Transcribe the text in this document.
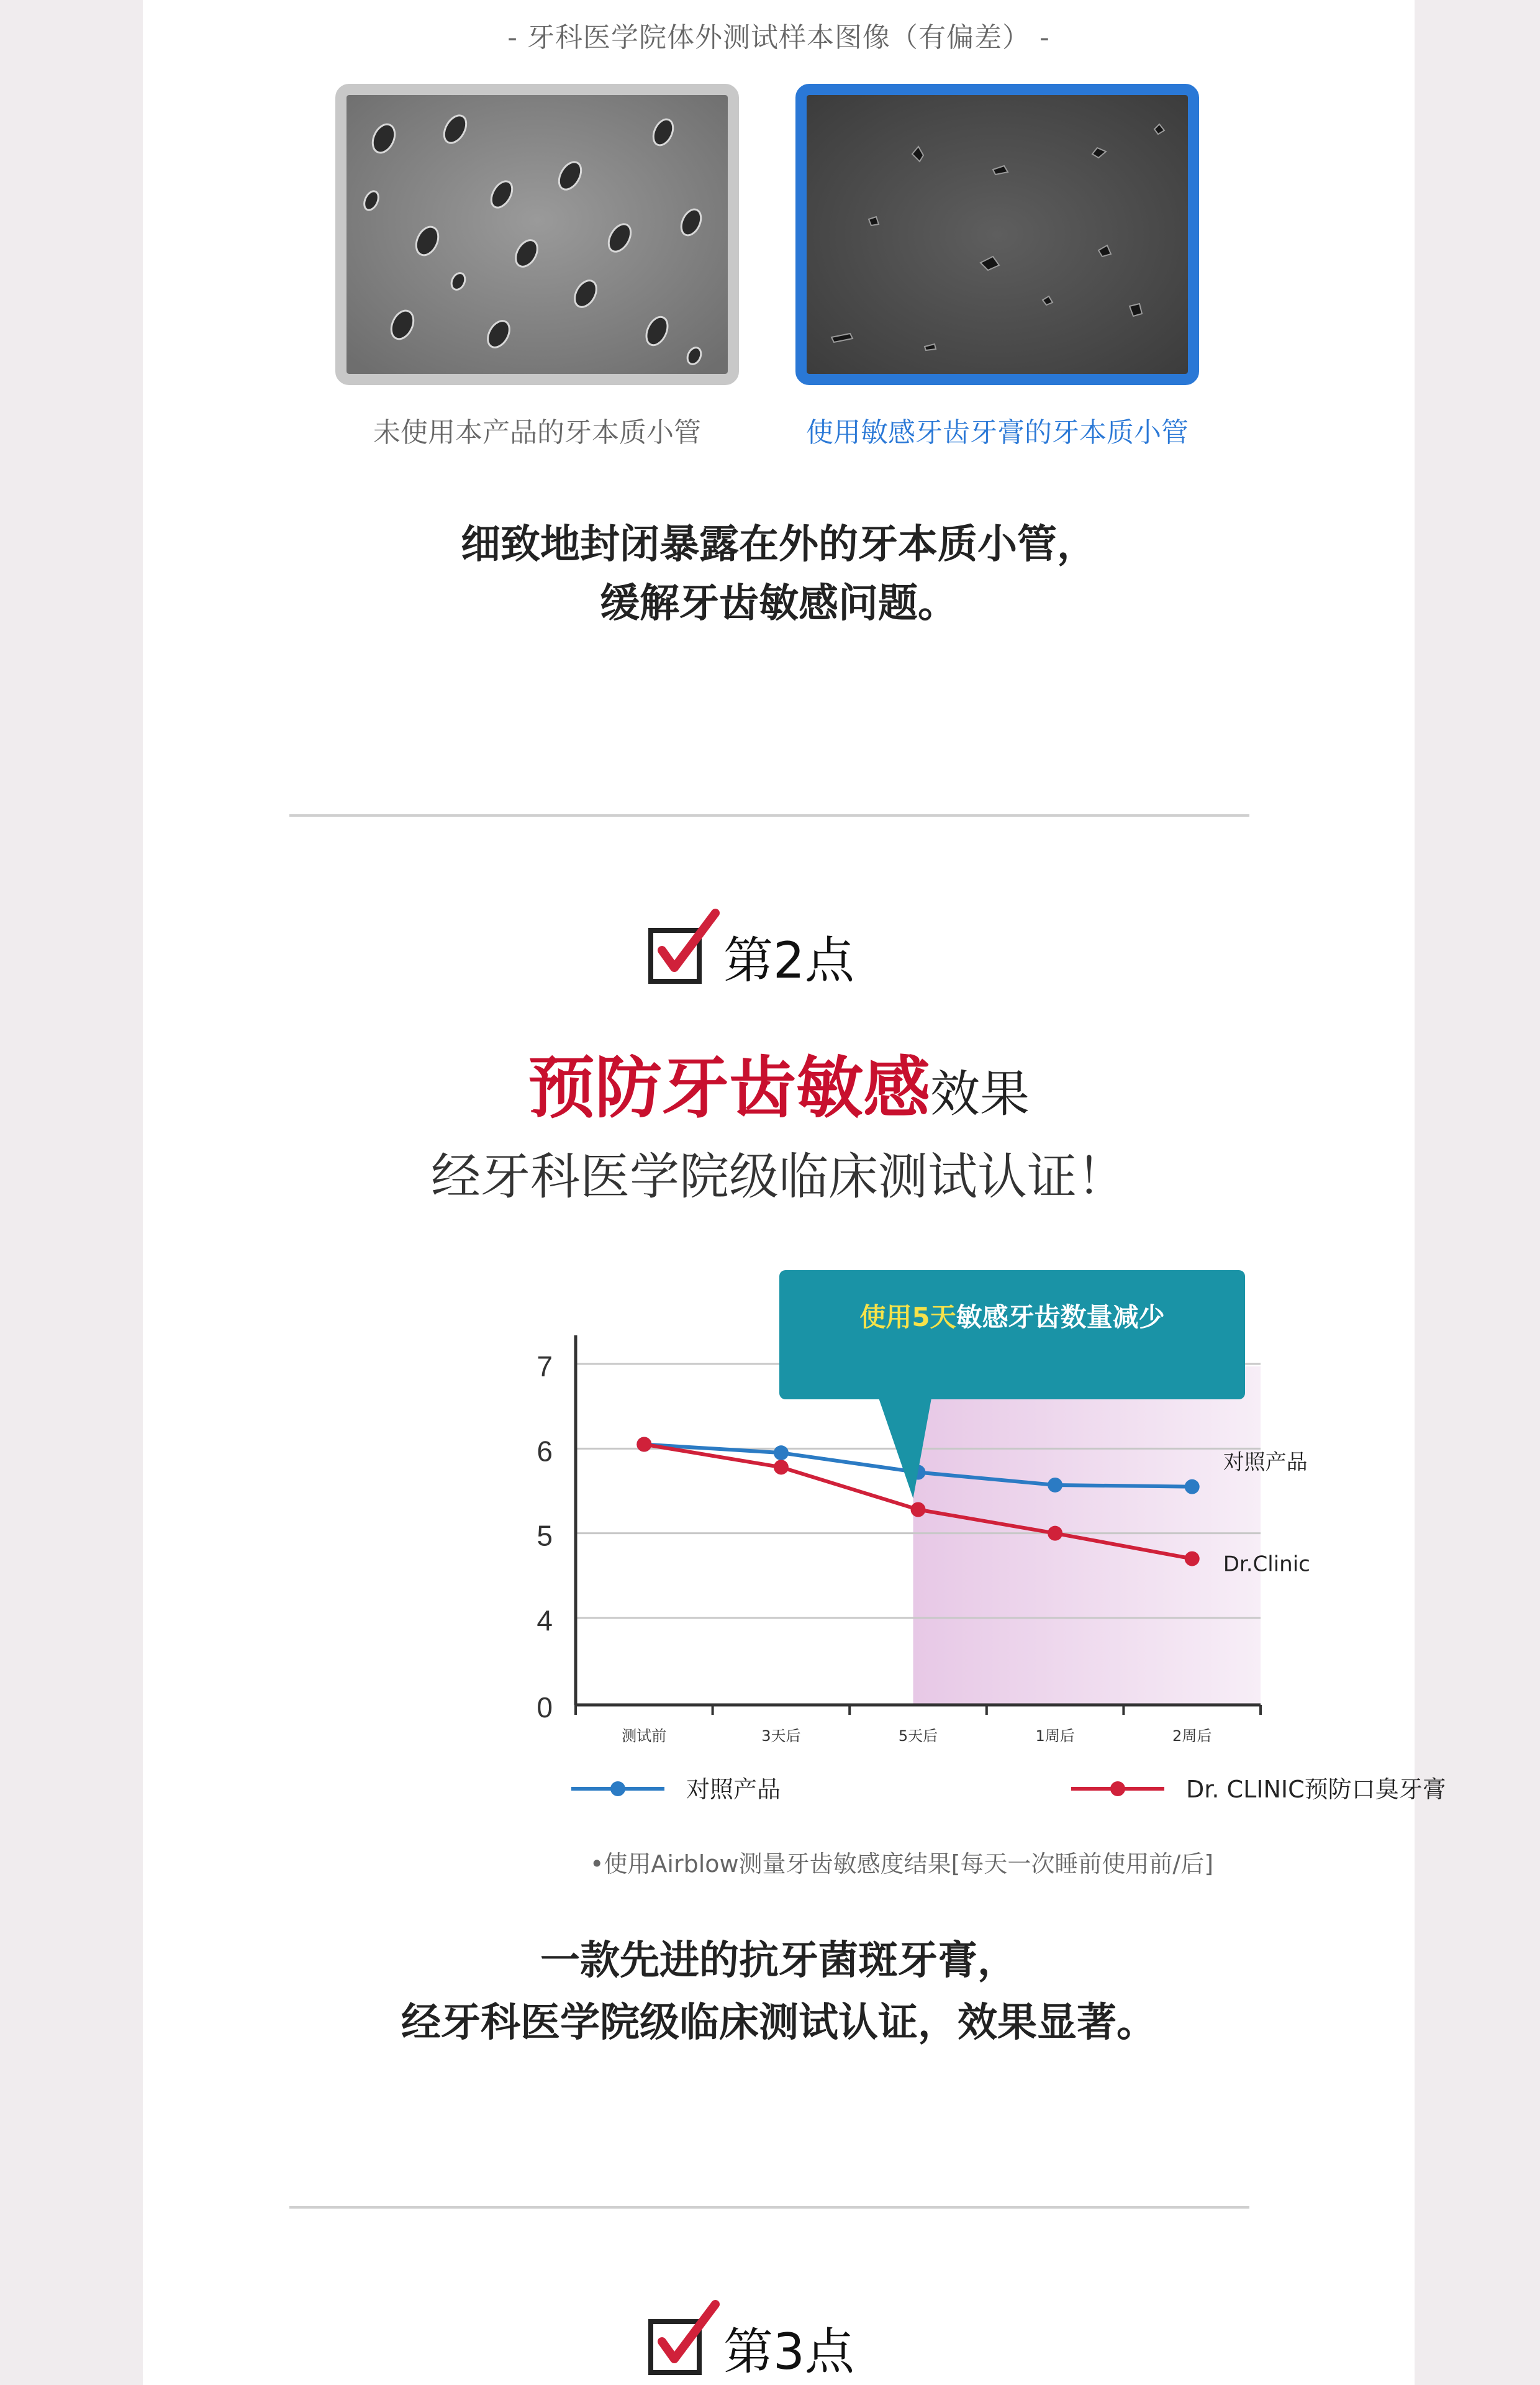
- 牙科医学院体外测试样本图像（有偏差） -
未使用本产品的牙本质小管	使用敏感牙齿牙膏的牙本质小管
细致地封闭暴露在外的牙本质小管，
缓解牙齿敏感问题。
第2点
预防牙齿敏感效果
经牙科医学院级临床测试认证！
0
4
5
6
7
测试前	3天后	5天后	1周后	2周后
对照产品
Dr.Clinic
使用5天敏感牙齿数量减少
对照产品	Dr. CLINIC预防口臭牙膏
•使用Airblow测量牙齿敏感度结果[每天一次睡前使用前/后]
一款先进的抗牙菌斑牙膏，
经牙科医学院级临床测试认证，效果显著。
第3点
